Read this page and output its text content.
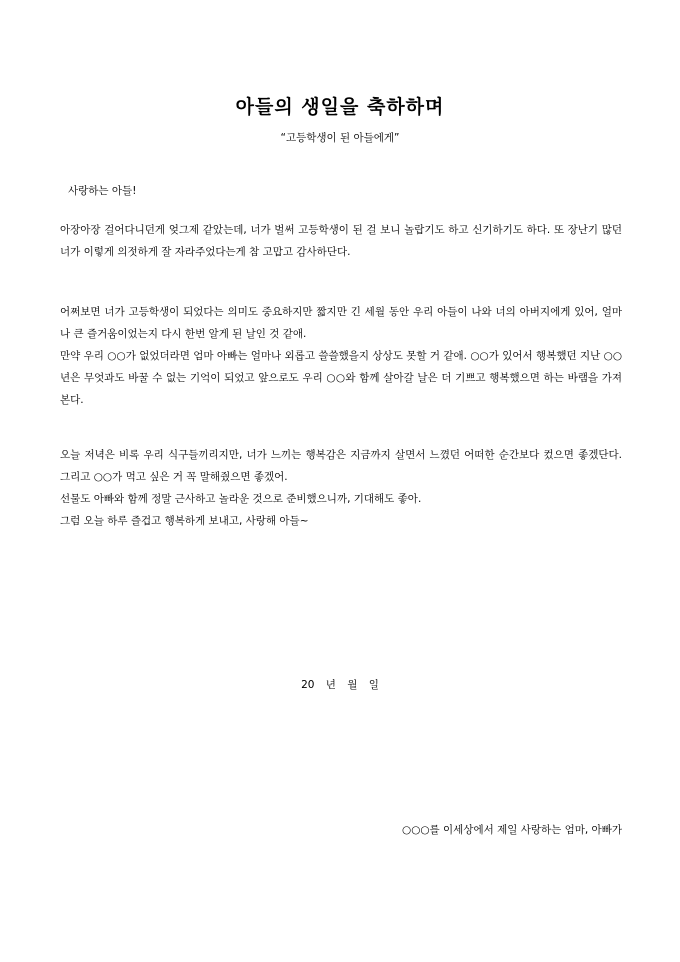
아들의 생일을 축하하며
“고등학생이 된 아들에게”
사랑하는 아들!

아장아장 걸어다니던게 엊그제 같았는데, 너가 벌써 고등학생이 된 걸 보니 놀랍기도 하고 신기하기도 하다. 또 장난기 많던 너가 이렇게 의젓하게 잘 자라주었다는게 참 고맙고 감사하단다.

어쩌보면 너가 고등학생이 되었다는 의미도 중요하지만 짧지만 긴 세월 동안 우리 아들이 나와 너의 아버지에게 있어, 얼마나 큰 즐거움이었는지 다시 한번 알게 된 날인 것 같애.

만약 우리 ○○가 없었더라면 엄마 아빠는 얼마나 외롭고 쓸쓸했을지 상상도 못할 거 같애. ○○가 있어서 행복했던 지난 ○○년은 무엇과도 바꿀 수 없는 기억이 되었고 앞으로도 우리 ○○와 함께 살아갈 날은 더 기쁘고 행복했으면 하는 바램을 가져본다.

오늘 저녁은 비록 우리 식구들끼리지만, 너가 느끼는 행복감은 지금까지 살면서 느꼈던 어떠한 순간보다 컸으면 좋겠단다. 그리고 ○○가 먹고 싶은 거 꼭 말해줬으면 좋겠어.

선물도 아빠와 함께 정말 근사하고 놀라운 것으로 준비했으니까, 기대해도 좋아.

그럼 오늘 하루 즐겁고 행복하게 보내고, 사랑해 아들~

20 년 월 일
○○○를 이세상에서 제일 사랑하는 엄마, 아빠가
